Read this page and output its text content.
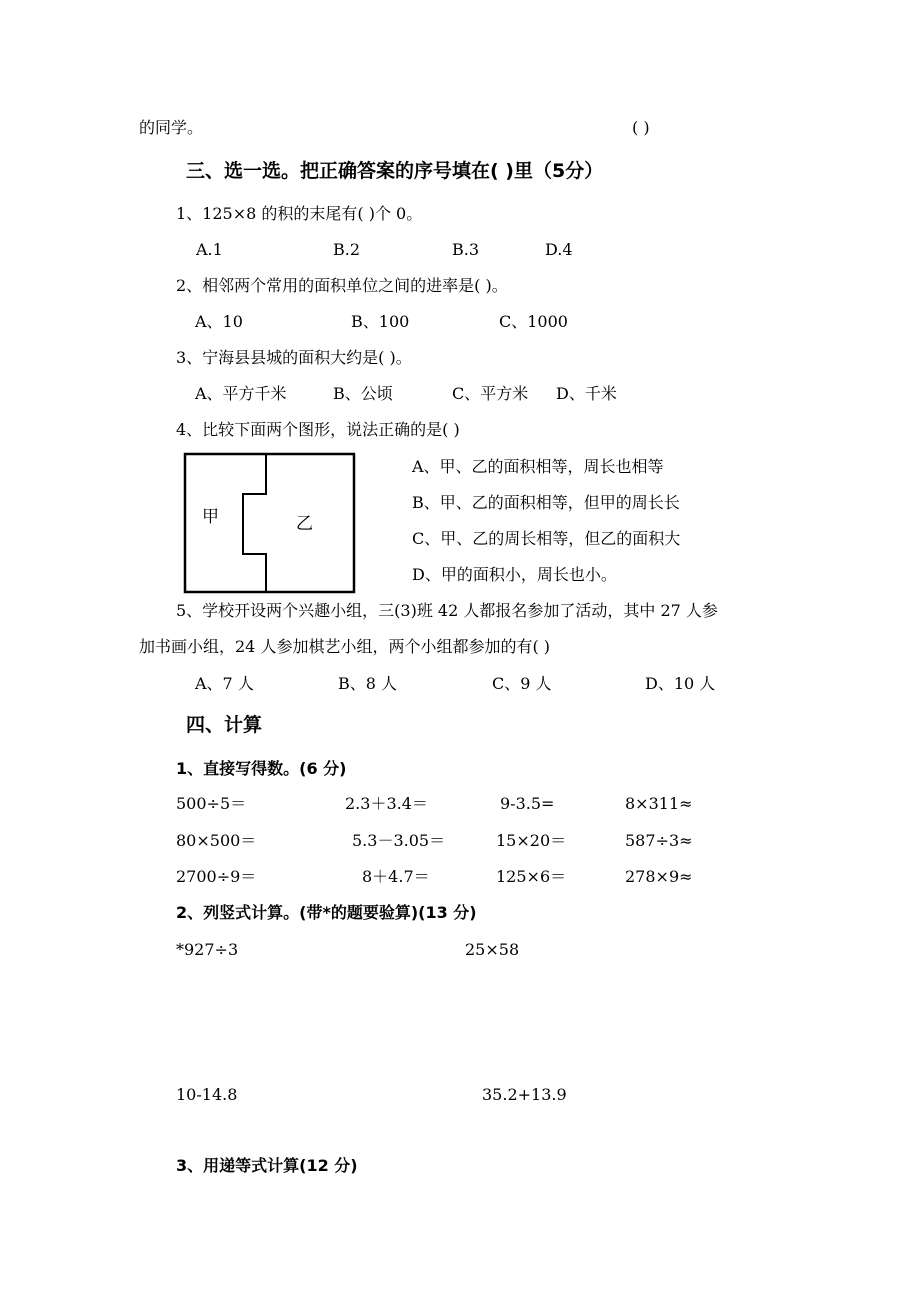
的同学。	( )
三、选一选。把正确答案的序号填在( )里（5分）
1、125×8 的积的末尾有( )个 0。
A.1	B.2	B.3	D.4
2、相邻两个常用的面积单位之间的进率是( )。
A、10	B、100	C、1000
3、宁海县县城的面积大约是( )。
A、平方千米	B、公顷	C、平方米 D、千米
4、比较下面两个图形，说法正确的是( )
甲	乙
A、甲、乙的面积相等，周长也相等
B、甲、乙的面积相等，但甲的周长长
C、甲、乙的周长相等，但乙的面积大
D、甲的面积小，周长也小。
5、学校开设两个兴趣小组，三(3)班 42 人都报名参加了活动，其中 27 人参
加书画小组，24 人参加棋艺小组，两个小组都参加的有( )
A、7 人	B、8 人	C、9 人	D、10 人
四、计算
1、直接写得数。(6 分)
500÷5＝	2.3＋3.4＝	9-3.5=	8×311≈
80×500＝	5.3－3.05＝	15×20＝	587÷3≈
2700÷9＝	8＋4.7＝	125×6＝	278×9≈
2、列竖式计算。(带*的题要验算)(13 分)
*927÷3	25×58
10-14.8	35.2+13.9
3、用递等式计算(12 分)
